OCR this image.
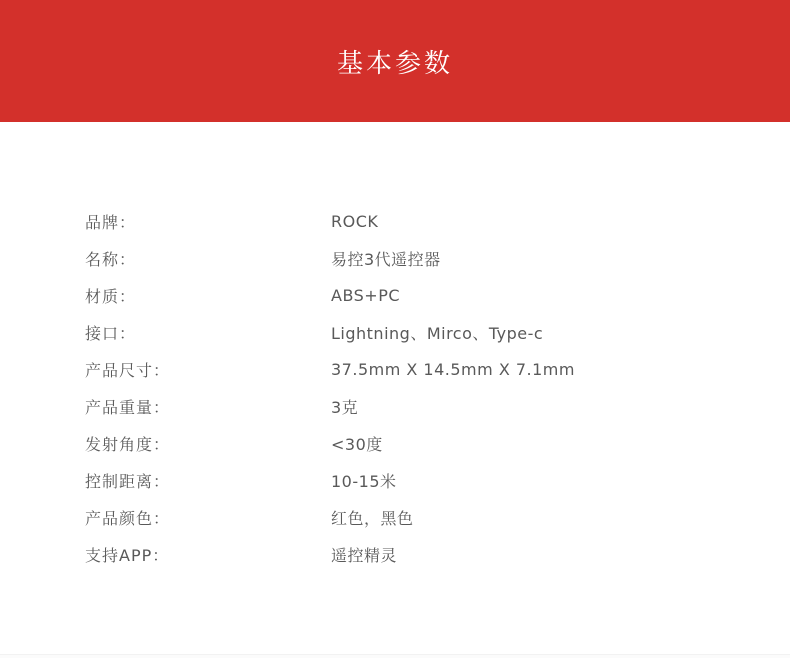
基本参数
品牌：	ROCK
名称：	易控3代遥控器
材质：	ABS+PC
接口：	Lightning、Mirco、Type-c
产品尺寸：	37.5mm X 14.5mm X 7.1mm
产品重量：	3克
发射角度：	<30度
控制距离：	10-15米
产品颜色：	红色，黑色
支持APP：	遥控精灵
